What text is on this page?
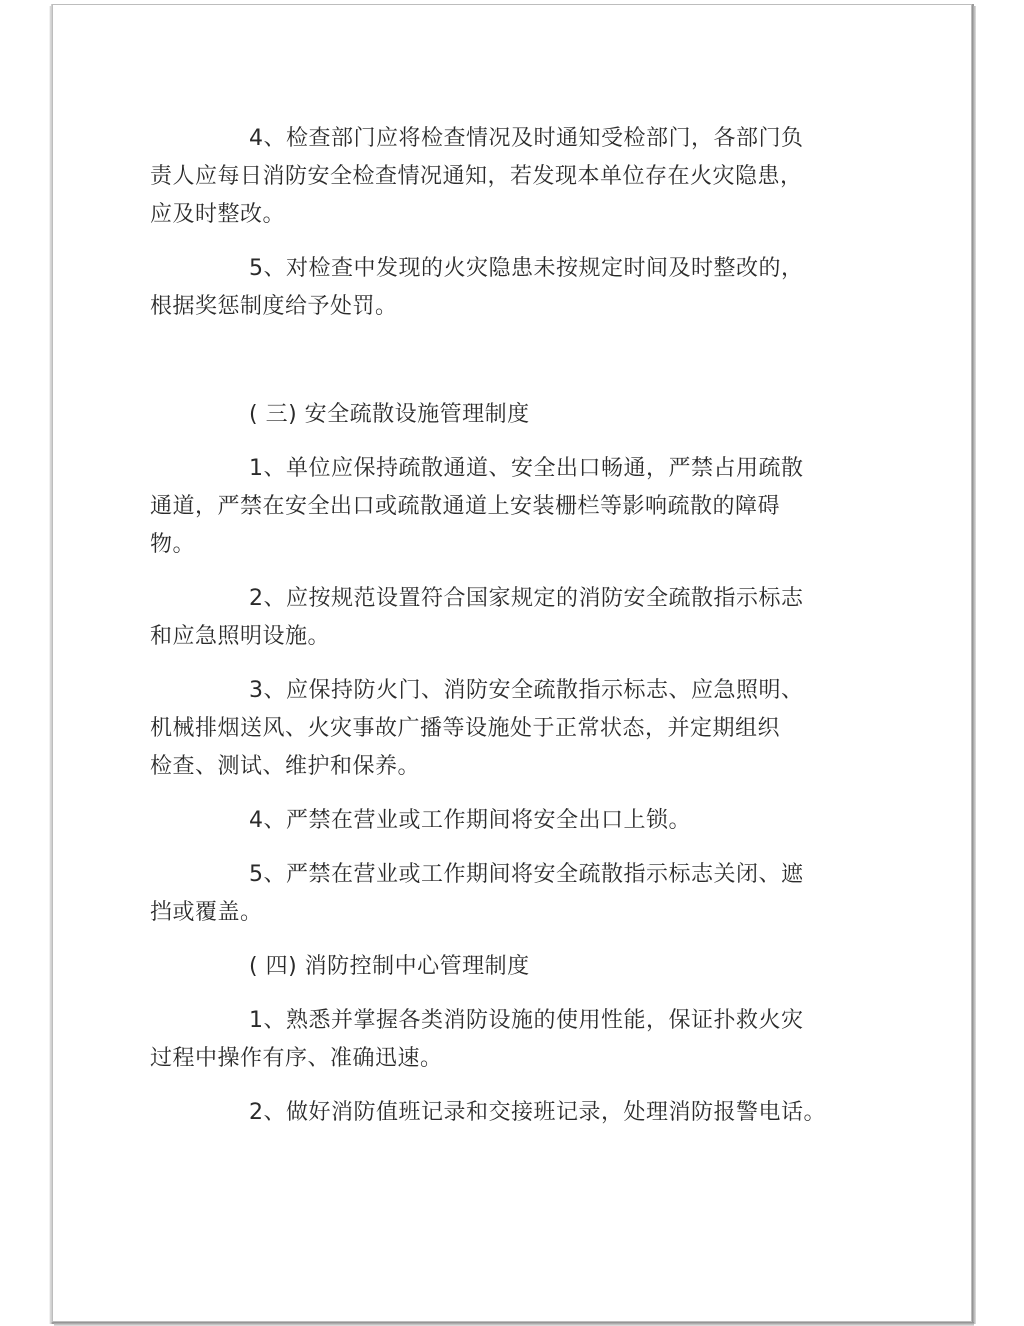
4、检查部门应将检查情况及时通知受检部门，各部门负

责人应每日消防安全检查情况通知，若发现本单位存在火灾隐患，

应及时整改。

5、对检查中发现的火灾隐患未按规定时间及时整改的，

根据奖惩制度给予处罚。

( 三) 安全疏散设施管理制度

1、单位应保持疏散通道、安全出口畅通，严禁占用疏散

通道，严禁在安全出口或疏散通道上安装栅栏等影响疏散的障碍

物。

2、应按规范设置符合国家规定的消防安全疏散指示标志

和应急照明设施。

3、应保持防火门、消防安全疏散指示标志、应急照明、

机械排烟送风、火灾事故广播等设施处于正常状态，并定期组织

检查、测试、维护和保养。

4、严禁在营业或工作期间将安全出口上锁。

5、严禁在营业或工作期间将安全疏散指示标志关闭、遮

挡或覆盖。

( 四) 消防控制中心管理制度

1、熟悉并掌握各类消防设施的使用性能，保证扑救火灾

过程中操作有序、准确迅速。

2、做好消防值班记录和交接班记录，处理消防报警电话。
